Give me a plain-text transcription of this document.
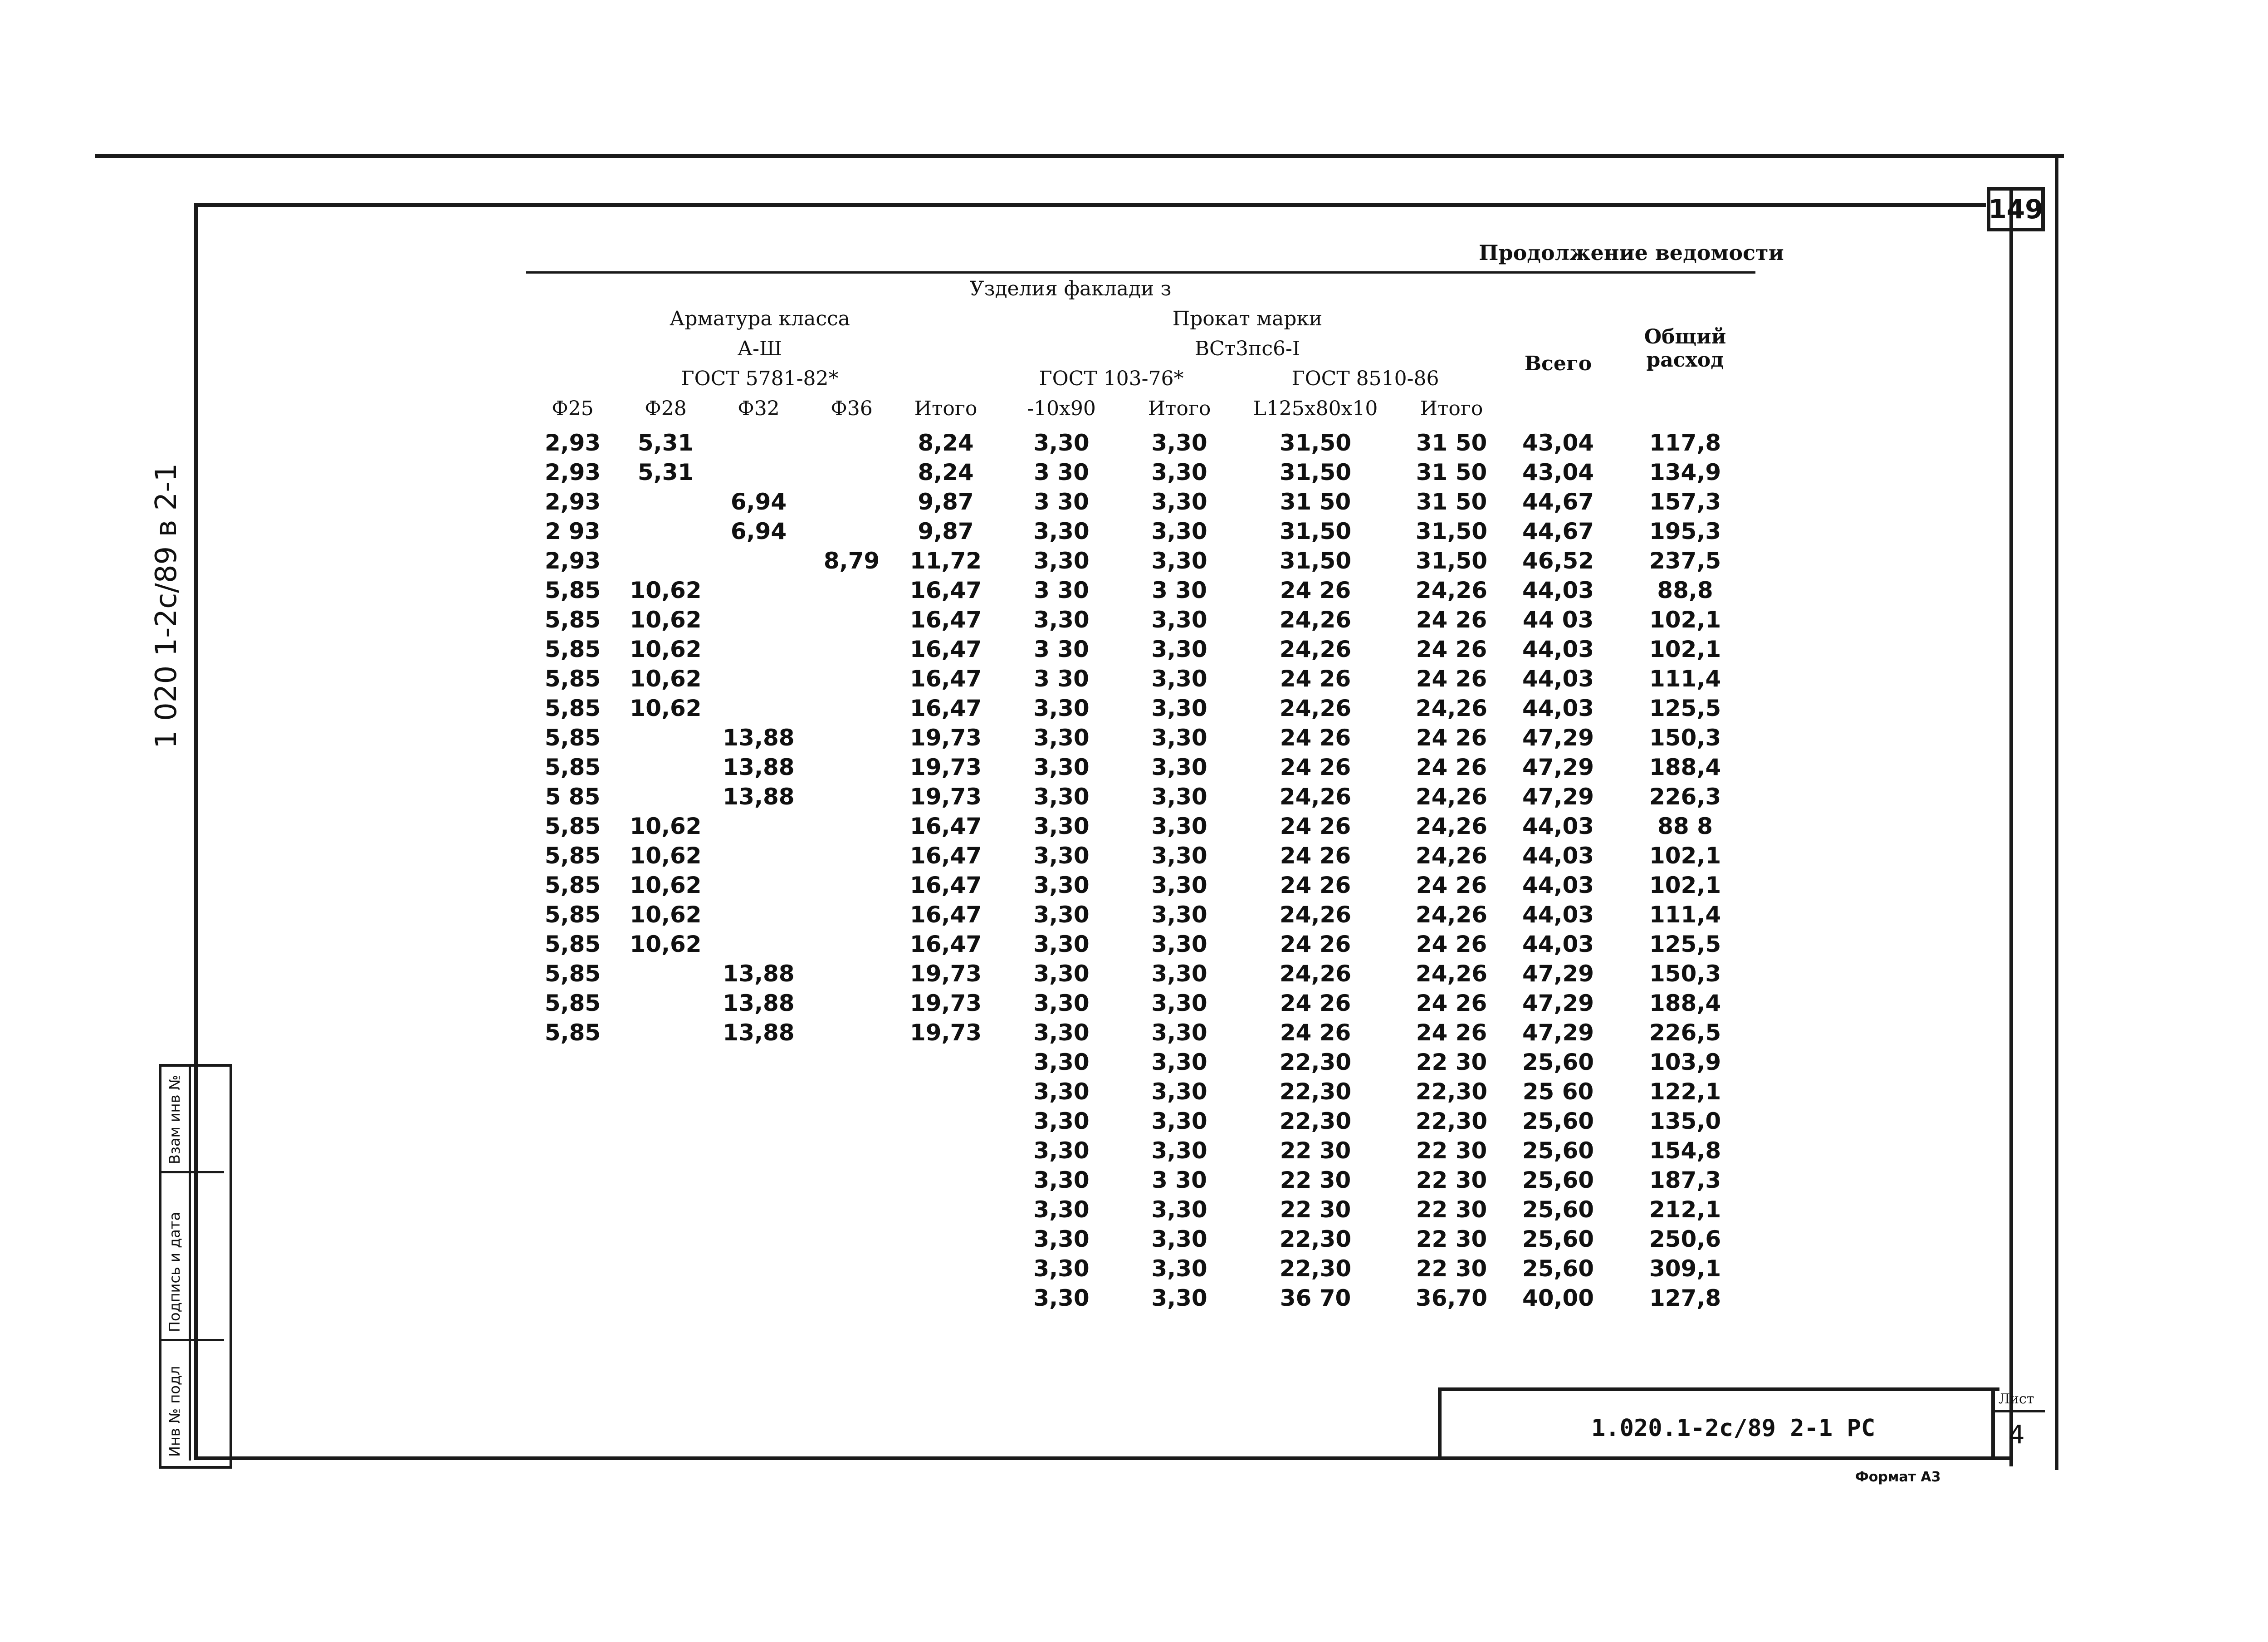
149
Продолжение ведомости
1 020 1-2с/89 в 2-1
	Узделия факлади з										Общий расход
	Арматура класса					Прокат марки				Всего	
	А-Ш					ВСт3пс6-I					
	ГОСТ 5781-82*					ГОСТ 103-76*		ГОСТ 8510-86			
	Ф25	Ф28	Ф32	Ф36	Итого	-10х90	Итого	L125х80х10	Итого		
	2,93	5,31			8,24	3,30	3,30	31,50	31 50	43,04	117,8
	2,93	5,31			8,24	3 30	3,30	31,50	31 50	43,04	134,9
	2,93		6,94		9,87	3 30	3,30	31 50	31 50	44,67	157,3
	2 93		6,94		9,87	3,30	3,30	31,50	31,50	44,67	195,3
	2,93			8,79	11,72	3,30	3,30	31,50	31,50	46,52	237,5
	5,85	10,62			16,47	3 30	3 30	24 26	24,26	44,03	88,8
	5,85	10,62			16,47	3,30	3,30	24,26	24 26	44 03	102,1
	5,85	10,62			16,47	3 30	3,30	24,26	24 26	44,03	102,1
	5,85	10,62			16,47	3 30	3,30	24 26	24 26	44,03	111,4
	5,85	10,62			16,47	3,30	3,30	24,26	24,26	44,03	125,5
	5,85		13,88		19,73	3,30	3,30	24 26	24 26	47,29	150,3
	5,85		13,88		19,73	3,30	3,30	24 26	24 26	47,29	188,4
	5 85		13,88		19,73	3,30	3,30	24,26	24,26	47,29	226,3
	5,85	10,62			16,47	3,30	3,30	24 26	24,26	44,03	88 8
	5,85	10,62			16,47	3,30	3,30	24 26	24,26	44,03	102,1
	5,85	10,62			16,47	3,30	3,30	24 26	24 26	44,03	102,1
	5,85	10,62			16,47	3,30	3,30	24,26	24,26	44,03	111,4
	5,85	10,62			16,47	3,30	3,30	24 26	24 26	44,03	125,5
	5,85		13,88		19,73	3,30	3,30	24,26	24,26	47,29	150,3
	5,85		13,88		19,73	3,30	3,30	24 26	24 26	47,29	188,4
	5,85		13,88		19,73	3,30	3,30	24 26	24 26	47,29	226,5
						3,30	3,30	22,30	22 30	25,60	103,9
						3,30	3,30	22,30	22,30	25 60	122,1
						3,30	3,30	22,30	22,30	25,60	135,0
						3,30	3,30	22 30	22 30	25,60	154,8
						3,30	3 30	22 30	22 30	25,60	187,3
						3,30	3,30	22 30	22 30	25,60	212,1
						3,30	3,30	22,30	22 30	25,60	250,6
						3,30	3,30	22,30	22 30	25,60	309,1
						3,30	3,30	36 70	36,70	40,00	127,8
1.020.1-2с/89 2-1 РС
Лист
4
Взам инв №
Подпись и дата
Инв № подл
Формат А3
